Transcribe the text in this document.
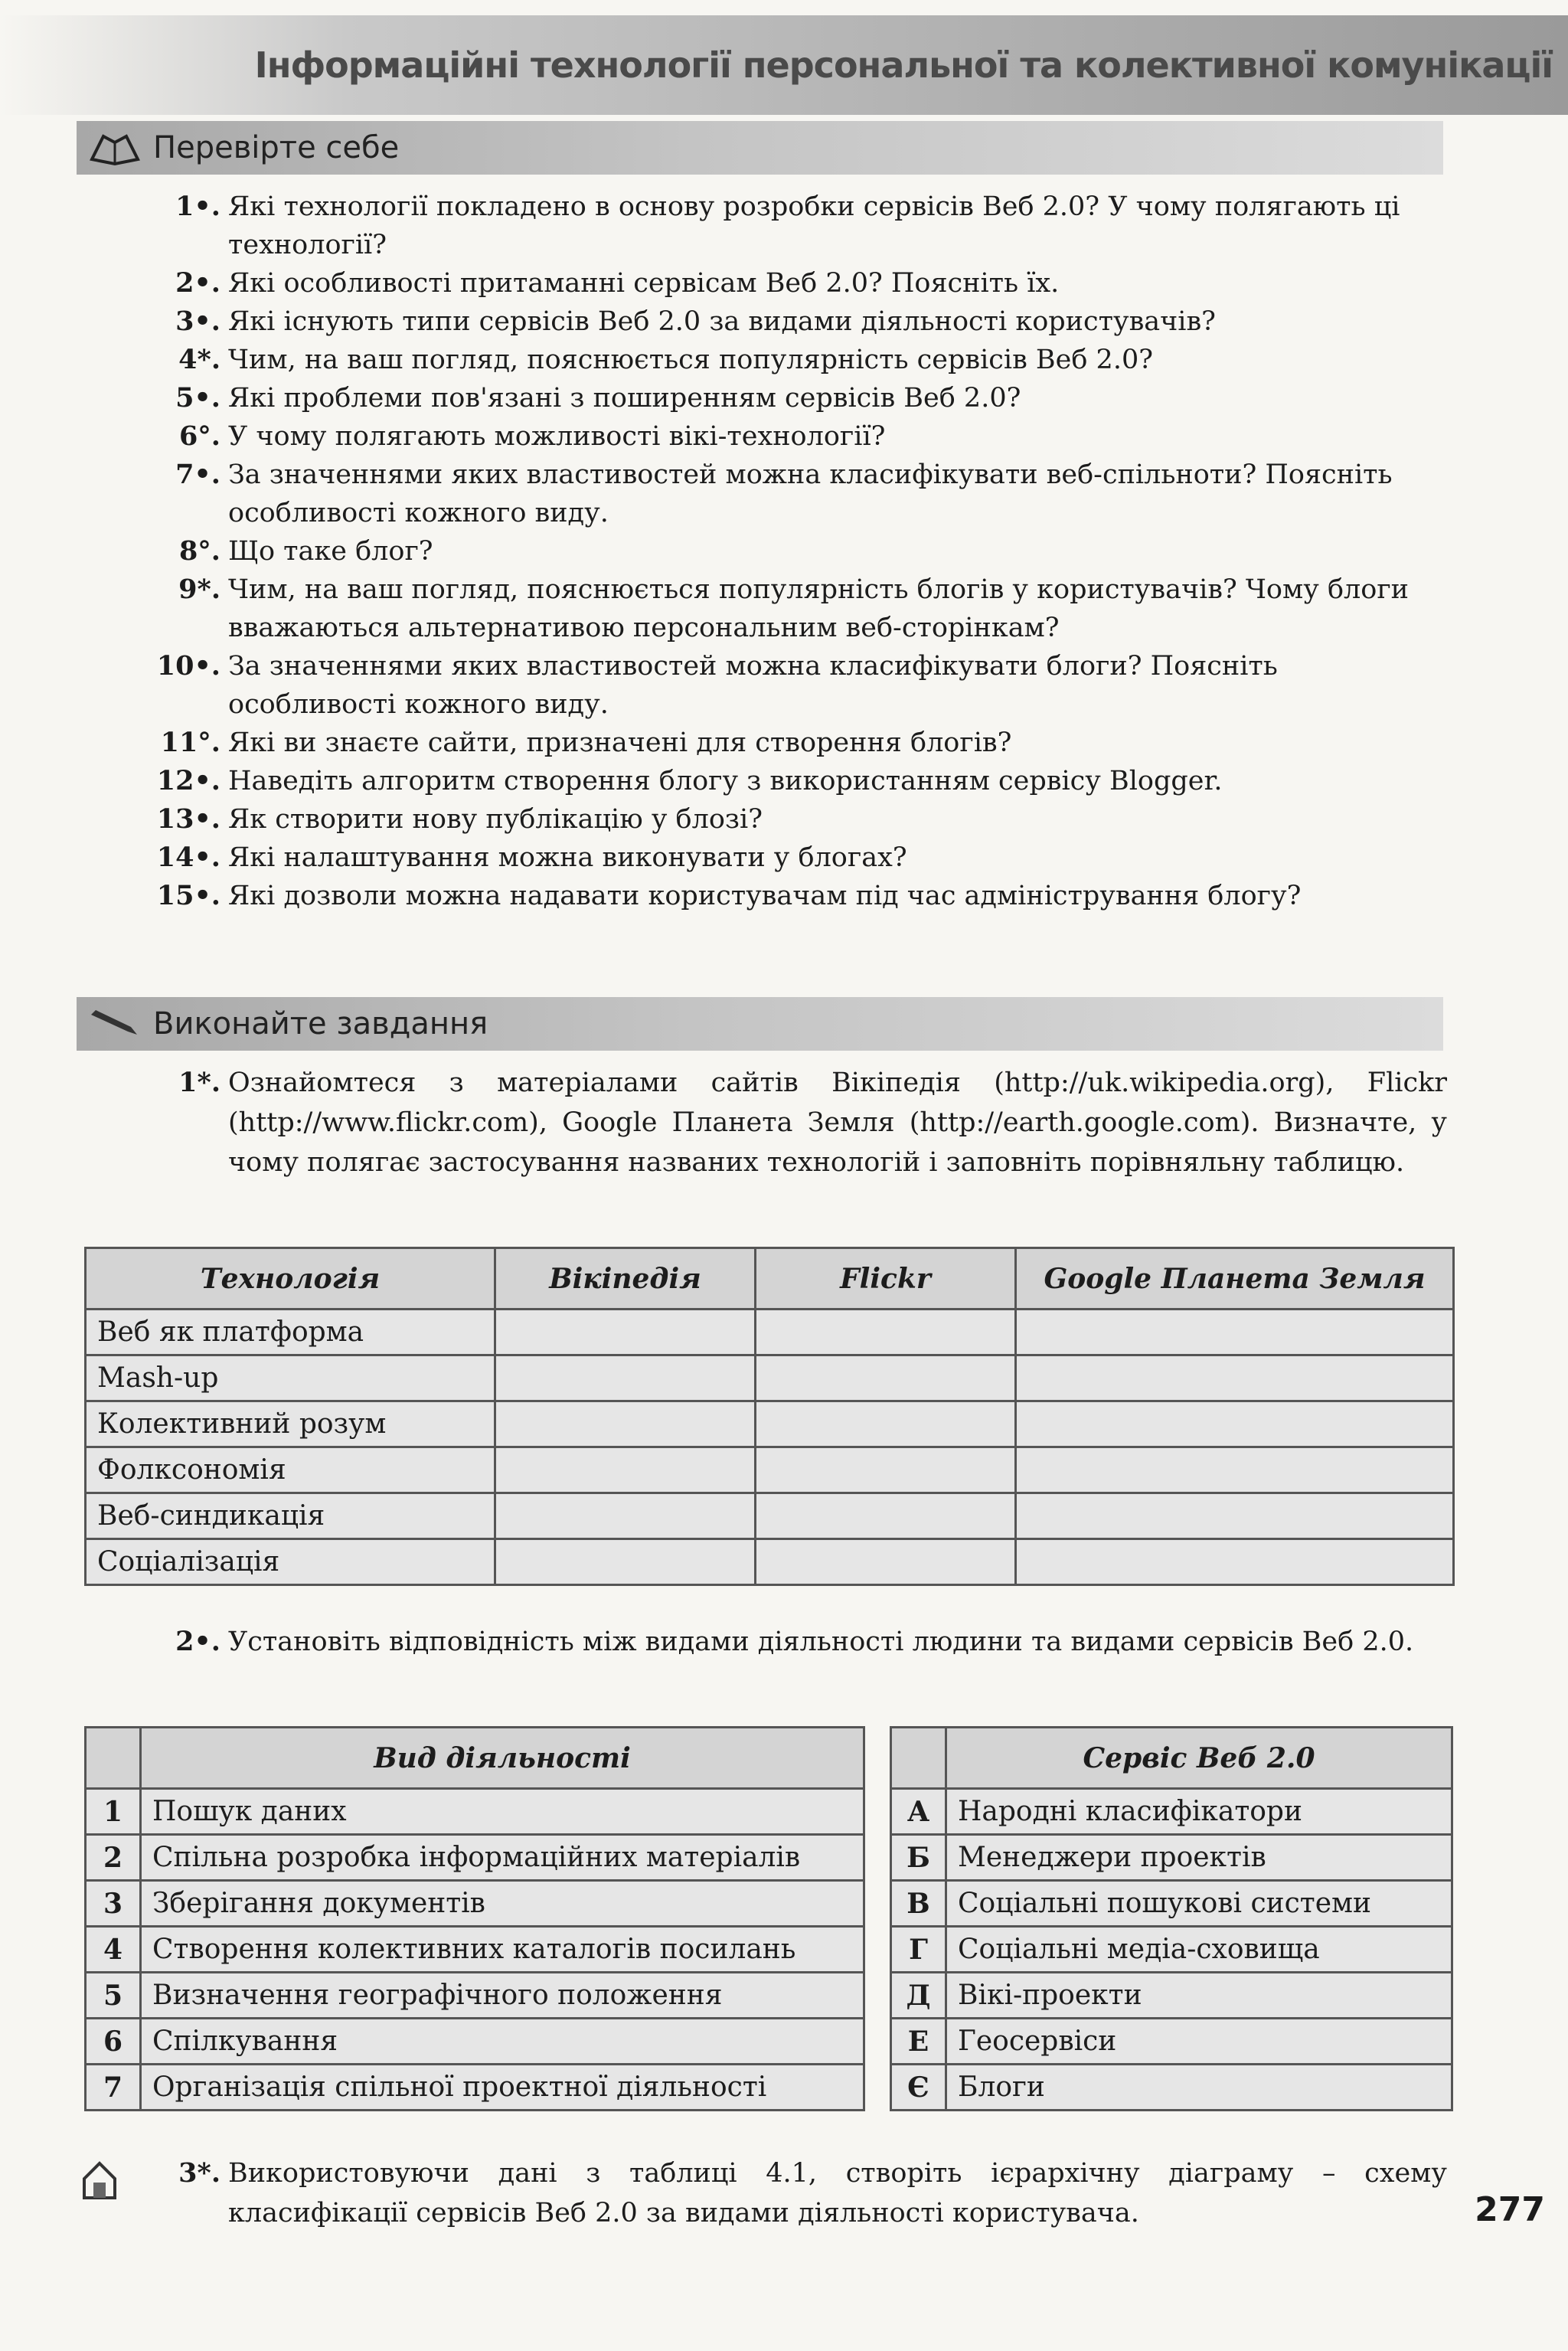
Інформаційні технології персональної та колективної комунікації
Перевірте себе
1•. Які технології покладено в основу розробки сервісів Веб 2.0? У чому полягають ці технології?
2•. Які особливості притаманні сервісам Веб 2.0? Поясніть їх.
3•. Які існують типи сервісів Веб 2.0 за видами діяльності користувачів?
4*. Чим, на ваш погляд, пояснюється популярність сервісів Веб 2.0?
5•. Які проблеми пов'язані з поширенням сервісів Веб 2.0?
6°. У чому полягають можливості вікі-технології?
7•. За значеннями яких властивостей можна класифікувати веб-спільноти? Поясніть особливості кожного виду.
8°. Що таке блог?
9*. Чим, на ваш погляд, пояснюється популярність блогів у користувачів? Чому блоги вважаються альтернативою персональним веб-сторінкам?
10•. За значеннями яких властивостей можна класифікувати блоги? Поясніть особливості кожного виду.
11°. Які ви знаєте сайти, призначені для створення блогів?
12•. Наведіть алгоритм створення блогу з використанням сервісу Blogger.
13•. Як створити нову публікацію у блозі?
14•. Які налаштування можна виконувати у блогах?
15•. Які дозволи можна надавати користувачам під час адміністрування блогу?
Виконайте завдання
1*. Ознайомтеся з матеріалами сайтів Вікіпедія (http://uk.wikipedia.org), Flickr (http://www.flickr.com), Google Планета Земля (http://earth.google.com). Визначте, у чому полягає застосування названих технологій і заповніть порівняльну таблицю.
Технологія	Вікіпедія	Flickr	Google Планета Земля
Веб як платформа			
Mash-up			
Колективний розум			
Фолксономія			
Веб-синдикація			
Соціалізація			
2•. Установіть відповідність між видами діяльності людини та видами сервісів Веб 2.0.
	Вид діяльності
1	Пошук даних
2	Спільна розробка інформаційних матеріалів
3	Зберігання документів
4	Створення колективних каталогів посилань
5	Визначення географічного положення
6	Спілкування
7	Організація спільної проектної діяльності
	Сервіс Веб 2.0
А	Народні класифікатори
Б	Менеджери проектів
В	Соціальні пошукові системи
Г	Соціальні медіа-сховища
Д	Вікі-проекти
Е	Геосервіси
Є	Блоги
3*. Використовуючи дані з таблиці 4.1, створіть ієрархічну діаграму – схему класифікації сервісів Веб 2.0 за видами діяльності користувача.	277
